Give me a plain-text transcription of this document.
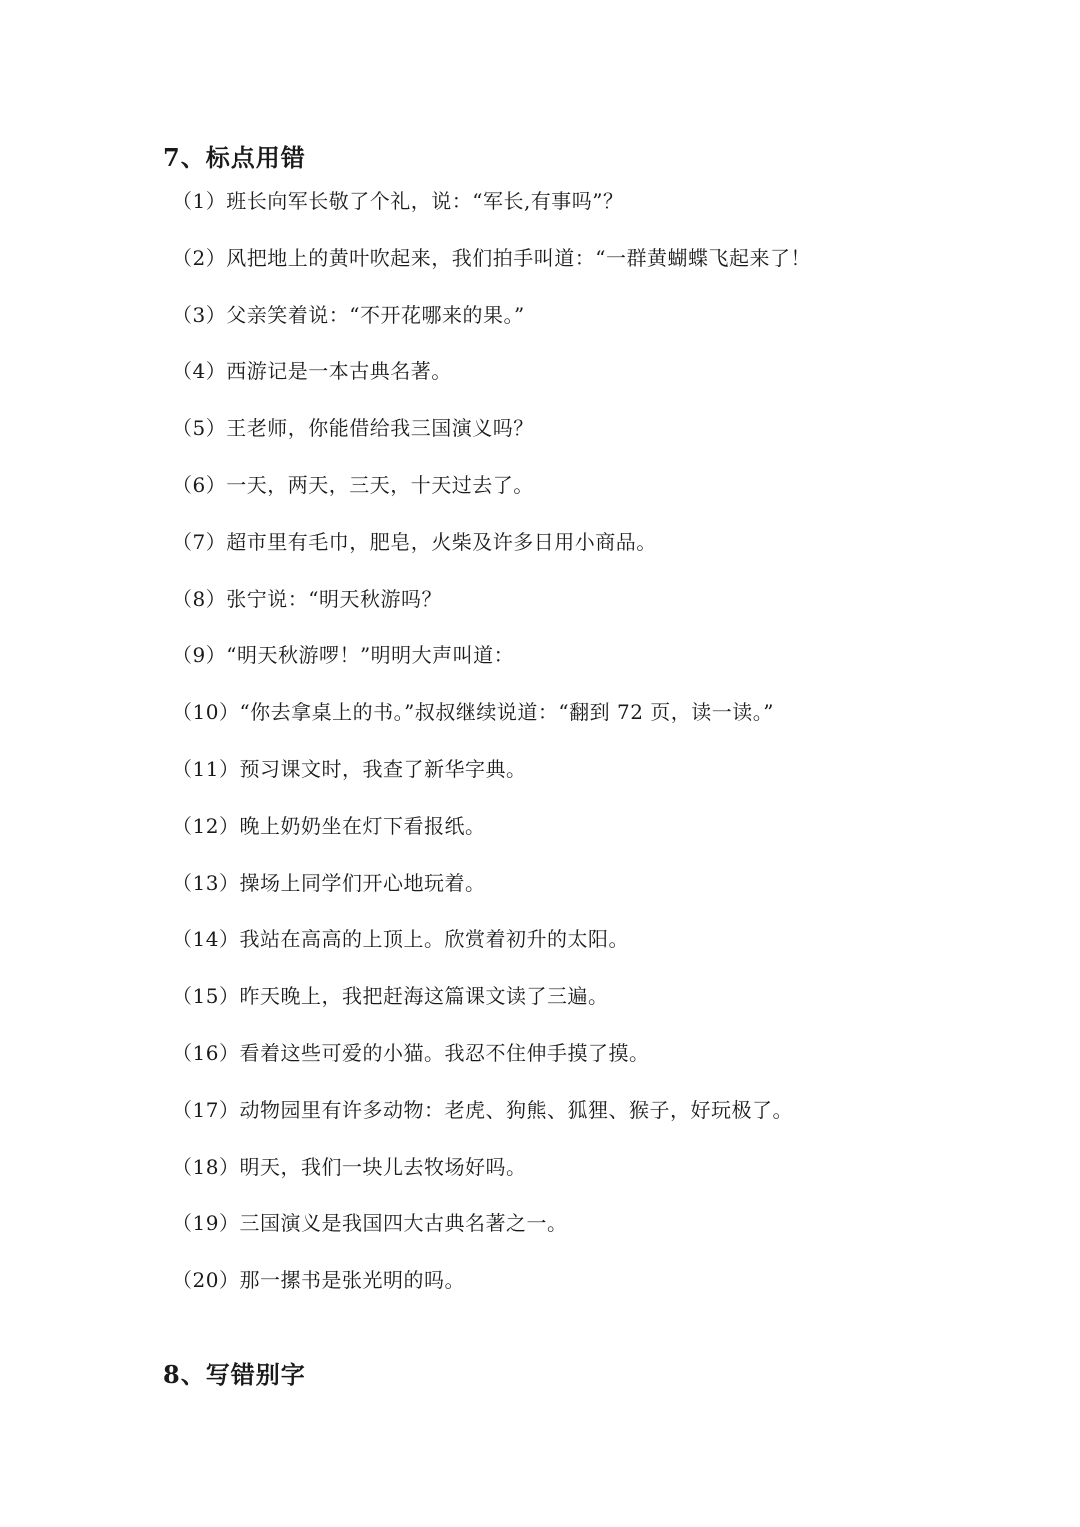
7、标点用错
（1）班长向军长敬了个礼，说：“军长,有事吗”？
（2）风把地上的黄叶吹起来，我们拍手叫道：“一群黄蝴蝶飞起来了！
（3）父亲笑着说：“不开花哪来的果。”
（4）西游记是一本古典名著。
（5）王老师，你能借给我三国演义吗？
（6）一天，两天，三天，十天过去了。
（7）超市里有毛巾，肥皂，火柴及许多日用小商品。
（8）张宁说：“明天秋游吗？
（9）“明天秋游啰！”明明大声叫道：
（10）“你去拿桌上的书。”叔叔继续说道：“翻到 72 页，读一读。”
（11）预习课文时，我查了新华字典。
（12）晚上奶奶坐在灯下看报纸。
（13）操场上同学们开心地玩着。
（14）我站在高高的上顶上。欣赏着初升的太阳。
（15）昨天晚上，我把赶海这篇课文读了三遍。
（16）看着这些可爱的小猫。我忍不住伸手摸了摸。
（17）动物园里有许多动物：老虎、狗熊、狐狸、猴子，好玩极了。
（18）明天，我们一块儿去牧场好吗。
（19）三国演义是我国四大古典名著之一。
（20）那一摞书是张光明的吗。
8、写错别字
